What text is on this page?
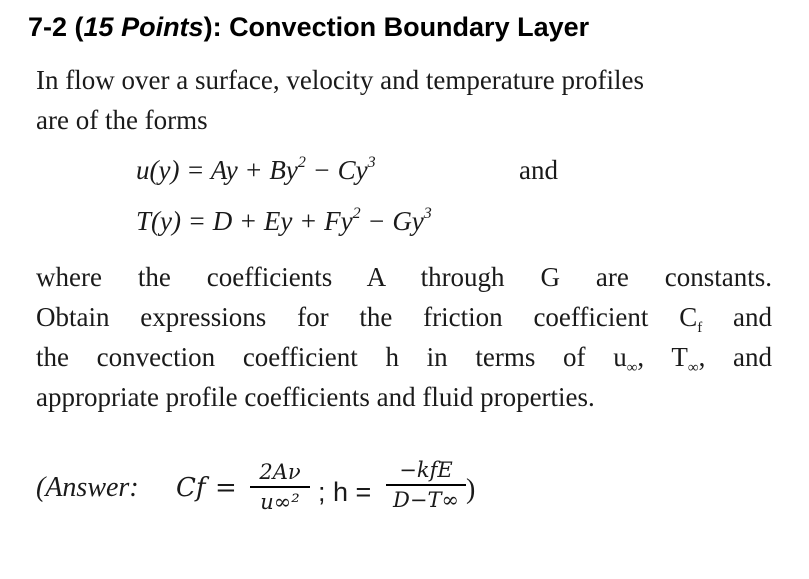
7-2 (15 Points): Convection Boundary Layer
In flow over a surface, velocity and temperature profiles
are of the forms
$u(y) = Ay + By^2 - Cy^3$	and
$T(y) = D + Ey + Fy^2 - Gy^3$
where the coefficients A through G are constants.
Obtain expressions for the friction coefficient $C_f$ and
the convection coefficient h in terms of $u_\infty$, $T_\infty$, and
appropriate profile coefficients and fluid properties.
(Answer: Cf =
2Aν
u∞² ; h =
−kfE
D−T∞ )
